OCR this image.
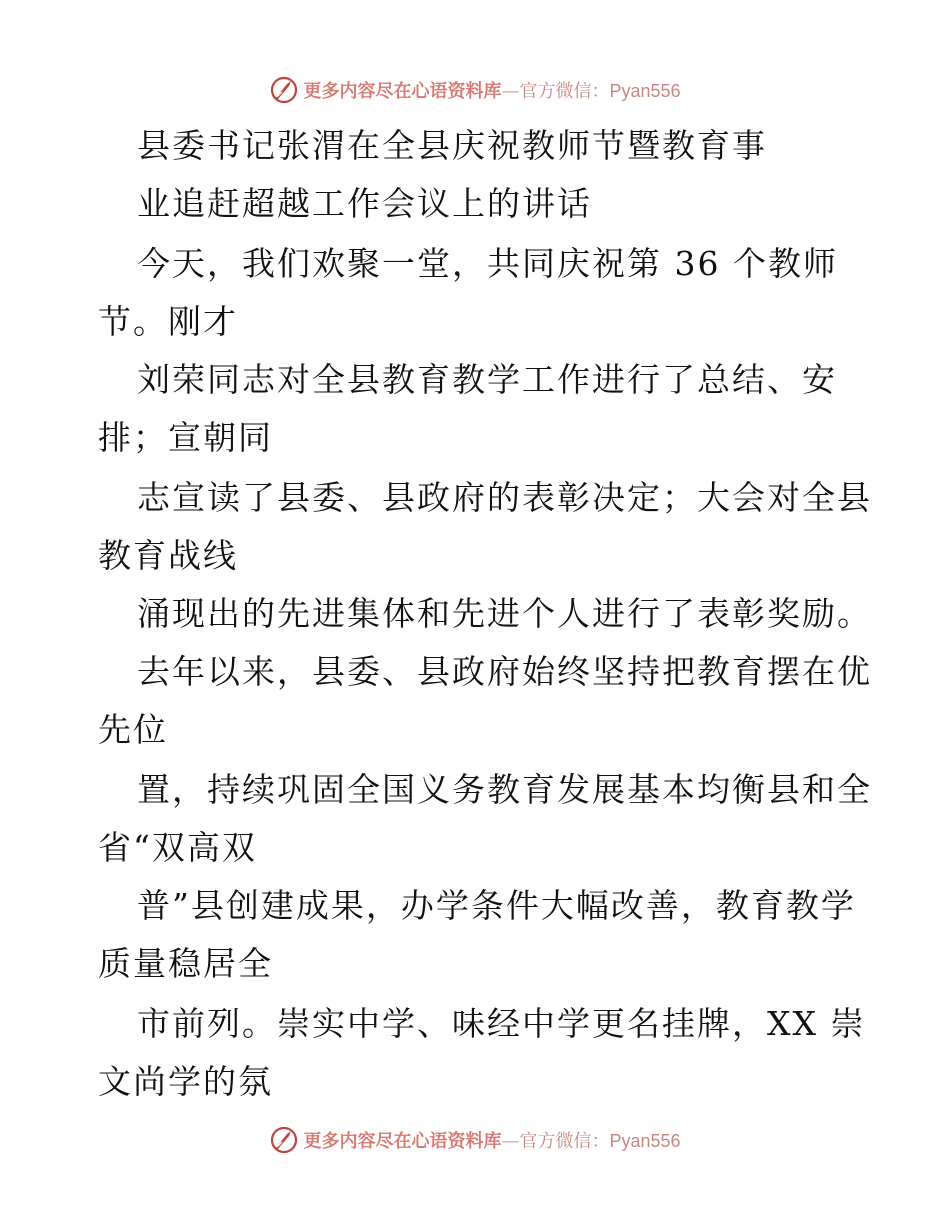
更多内容尽在心语资料库—官方微信：Pyan556
县委书记张渭在全县庆祝教师节暨教育事
业追赶超越工作会议上的讲话
今天，我们欢聚一堂，共同庆祝第 36 个教师
节。刚才
刘荣同志对全县教育教学工作进行了总结、安
排；宣朝同
志宣读了县委、县政府的表彰决定；大会对全县
教育战线
涌现出的先进集体和先进个人进行了表彰奖励。
去年以来，县委、县政府始终坚持把教育摆在优
先位
置，持续巩固全国义务教育发展基本均衡县和全
省“双高双
普”县创建成果，办学条件大幅改善，教育教学
质量稳居全
市前列。崇实中学、味经中学更名挂牌，XX 崇
文尚学的氛
更多内容尽在心语资料库—官方微信：Pyan556
